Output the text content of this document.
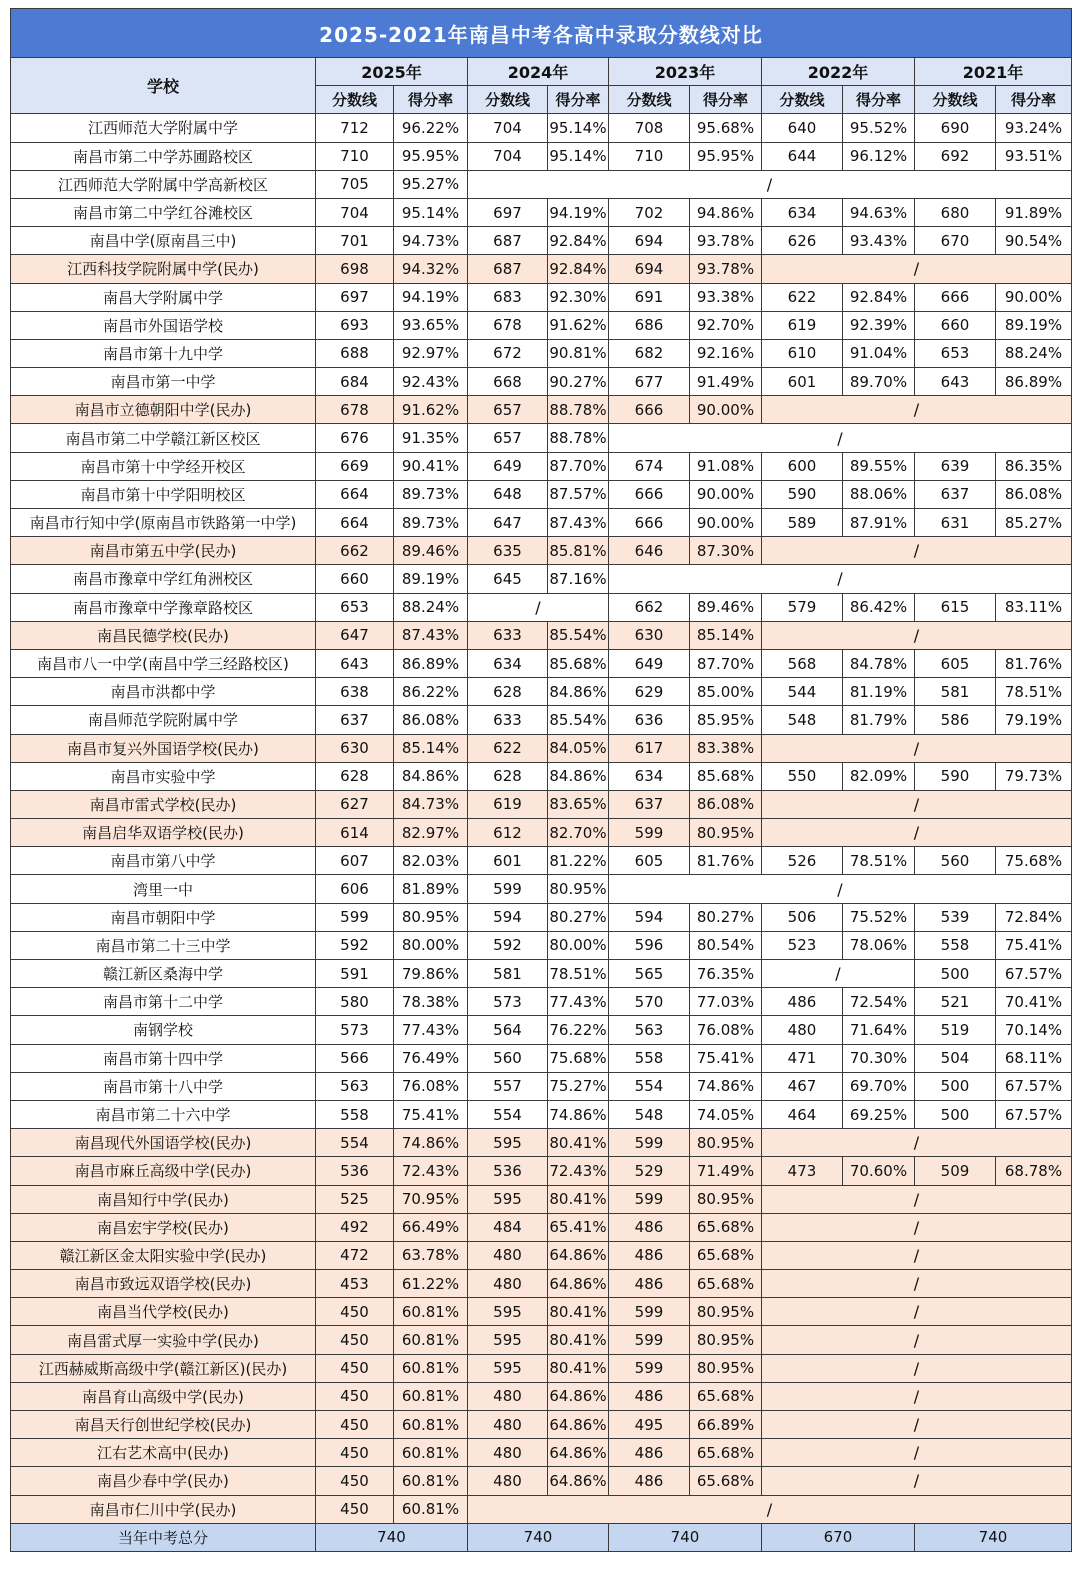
2025-2021年南昌中考各高中录取分数线对比										
学校	2025年		2024年		2023年		2022年		2021年	
	分数线	得分率	分数线	得分率	分数线	得分率	分数线	得分率	分数线	得分率
江西师范大学附属中学	712	96.22%	704	95.14%	708	95.68%	640	95.52%	690	93.24%
南昌市第二中学苏圃路校区	710	95.95%	704	95.14%	710	95.95%	644	96.12%	692	93.51%
江西师范大学附属中学高新校区	705	95.27%	/							
南昌市第二中学红谷滩校区	704	95.14%	697	94.19%	702	94.86%	634	94.63%	680	91.89%
南昌中学(原南昌三中)	701	94.73%	687	92.84%	694	93.78%	626	93.43%	670	90.54%
江西科技学院附属中学(民办)	698	94.32%	687	92.84%	694	93.78%	/			
南昌大学附属中学	697	94.19%	683	92.30%	691	93.38%	622	92.84%	666	90.00%
南昌市外国语学校	693	93.65%	678	91.62%	686	92.70%	619	92.39%	660	89.19%
南昌市第十九中学	688	92.97%	672	90.81%	682	92.16%	610	91.04%	653	88.24%
南昌市第一中学	684	92.43%	668	90.27%	677	91.49%	601	89.70%	643	86.89%
南昌市立德朝阳中学(民办)	678	91.62%	657	88.78%	666	90.00%	/			
南昌市第二中学赣江新区校区	676	91.35%	657	88.78%	/					
南昌市第十中学经开校区	669	90.41%	649	87.70%	674	91.08%	600	89.55%	639	86.35%
南昌市第十中学阳明校区	664	89.73%	648	87.57%	666	90.00%	590	88.06%	637	86.08%
南昌市行知中学(原南昌市铁路第一中学)	664	89.73%	647	87.43%	666	90.00%	589	87.91%	631	85.27%
南昌市第五中学(民办)	662	89.46%	635	85.81%	646	87.30%	/			
南昌市豫章中学红角洲校区	660	89.19%	645	87.16%	/					
南昌市豫章中学豫章路校区	653	88.24%	/		662	89.46%	579	86.42%	615	83.11%
南昌民德学校(民办)	647	87.43%	633	85.54%	630	85.14%	/			
南昌市八一中学(南昌中学三经路校区)	643	86.89%	634	85.68%	649	87.70%	568	84.78%	605	81.76%
南昌市洪都中学	638	86.22%	628	84.86%	629	85.00%	544	81.19%	581	78.51%
南昌师范学院附属中学	637	86.08%	633	85.54%	636	85.95%	548	81.79%	586	79.19%
南昌市复兴外国语学校(民办)	630	85.14%	622	84.05%	617	83.38%	/			
南昌市实验中学	628	84.86%	628	84.86%	634	85.68%	550	82.09%	590	79.73%
南昌市雷式学校(民办)	627	84.73%	619	83.65%	637	86.08%	/			
南昌启华双语学校(民办)	614	82.97%	612	82.70%	599	80.95%	/			
南昌市第八中学	607	82.03%	601	81.22%	605	81.76%	526	78.51%	560	75.68%
湾里一中	606	81.89%	599	80.95%	/					
南昌市朝阳中学	599	80.95%	594	80.27%	594	80.27%	506	75.52%	539	72.84%
南昌市第二十三中学	592	80.00%	592	80.00%	596	80.54%	523	78.06%	558	75.41%
赣江新区桑海中学	591	79.86%	581	78.51%	565	76.35%	/		500	67.57%
南昌市第十二中学	580	78.38%	573	77.43%	570	77.03%	486	72.54%	521	70.41%
南钢学校	573	77.43%	564	76.22%	563	76.08%	480	71.64%	519	70.14%
南昌市第十四中学	566	76.49%	560	75.68%	558	75.41%	471	70.30%	504	68.11%
南昌市第十八中学	563	76.08%	557	75.27%	554	74.86%	467	69.70%	500	67.57%
南昌市第二十六中学	558	75.41%	554	74.86%	548	74.05%	464	69.25%	500	67.57%
南昌现代外国语学校(民办)	554	74.86%	595	80.41%	599	80.95%	/			
南昌市麻丘高级中学(民办)	536	72.43%	536	72.43%	529	71.49%	473	70.60%	509	68.78%
南昌知行中学(民办)	525	70.95%	595	80.41%	599	80.95%	/			
南昌宏宇学校(民办)	492	66.49%	484	65.41%	486	65.68%	/			
赣江新区金太阳实验中学(民办)	472	63.78%	480	64.86%	486	65.68%	/			
南昌市致远双语学校(民办)	453	61.22%	480	64.86%	486	65.68%	/			
南昌当代学校(民办)	450	60.81%	595	80.41%	599	80.95%	/			
南昌雷式厚一实验中学(民办)	450	60.81%	595	80.41%	599	80.95%	/			
江西赫威斯高级中学(赣江新区)(民办)	450	60.81%	595	80.41%	599	80.95%	/			
南昌育山高级中学(民办)	450	60.81%	480	64.86%	486	65.68%	/			
南昌天行创世纪学校(民办)	450	60.81%	480	64.86%	495	66.89%	/			
江右艺术高中(民办)	450	60.81%	480	64.86%	486	65.68%	/			
南昌少春中学(民办)	450	60.81%	480	64.86%	486	65.68%	/			
南昌市仁川中学(民办)	450	60.81%	/							
当年中考总分	740		740		740		670		740	
